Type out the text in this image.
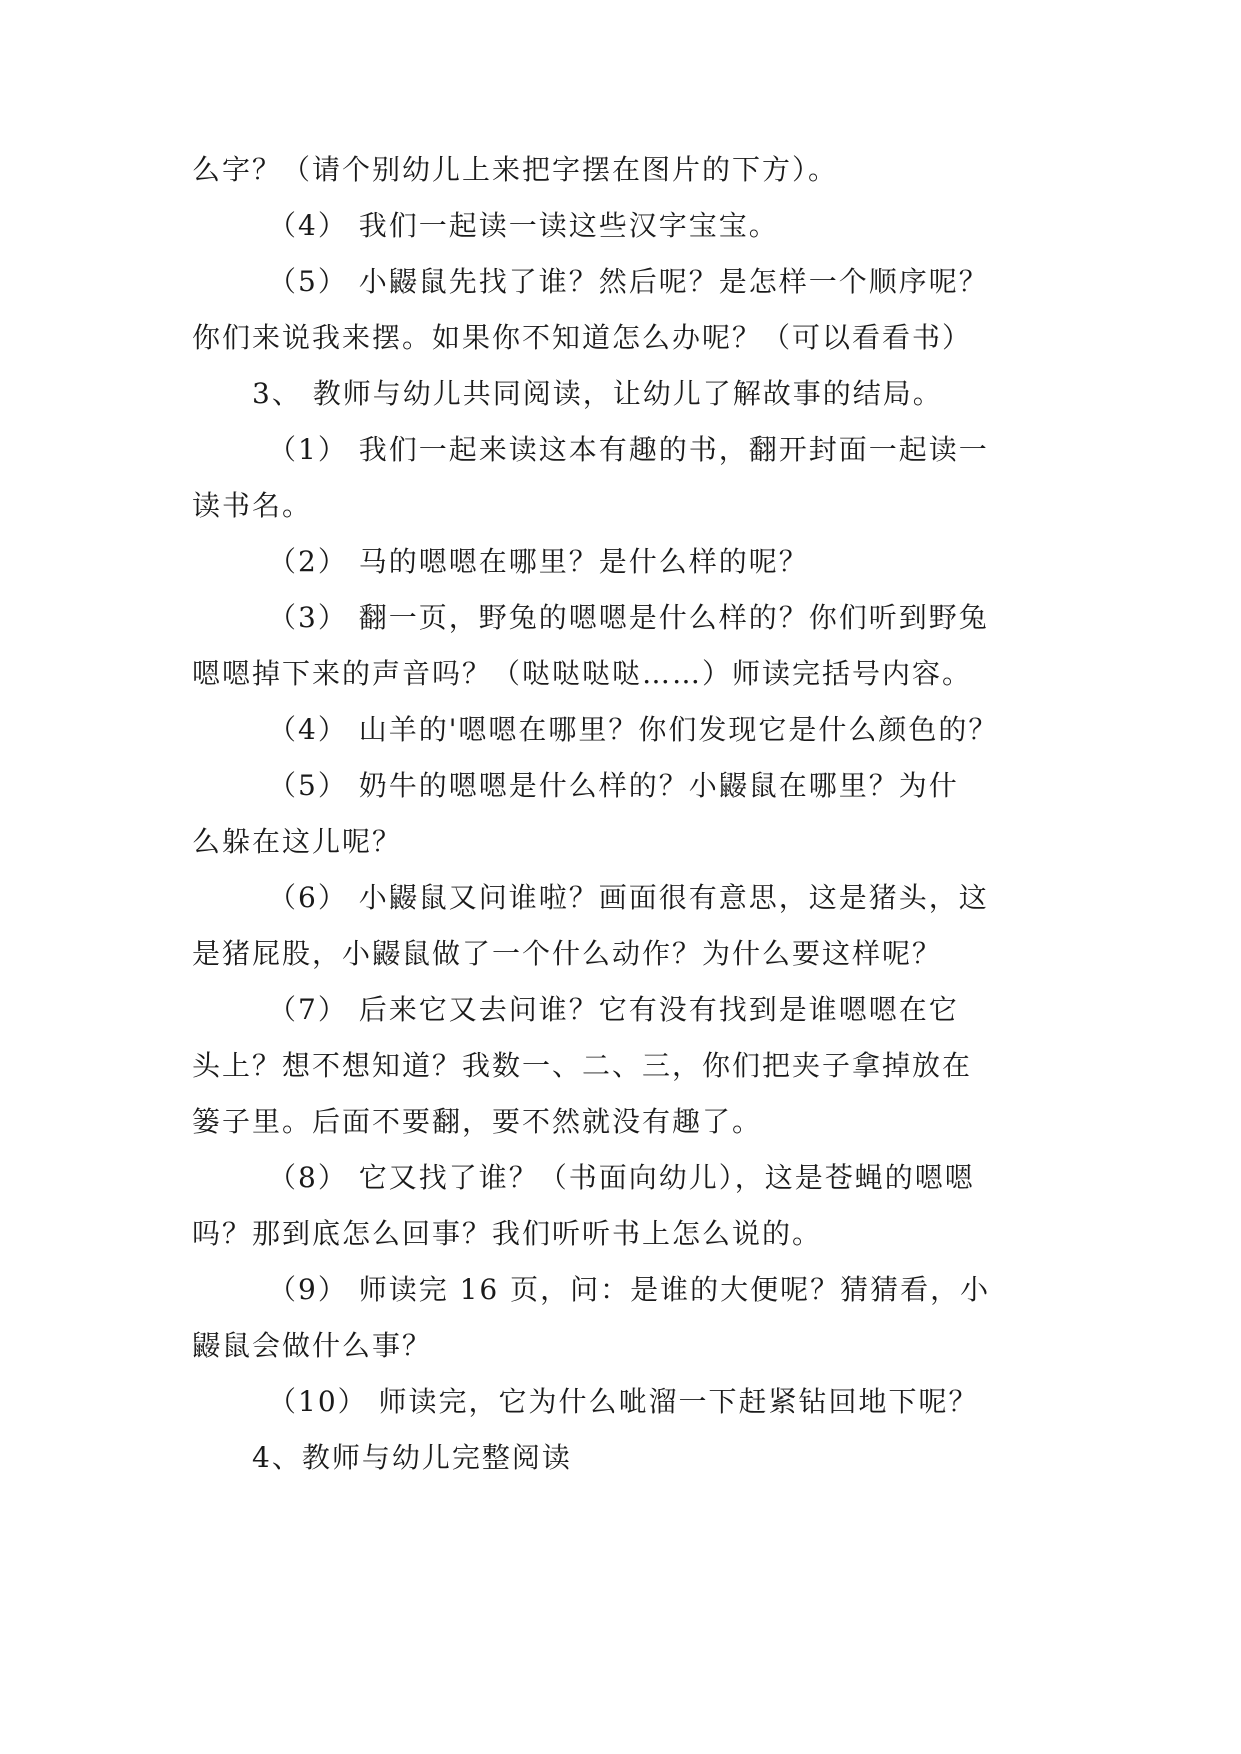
么字？（请个别幼儿上来把字摆在图片的下方）。
（4） 我们一起读一读这些汉字宝宝。
（5） 小鼹鼠先找了谁？然后呢？是怎样一个顺序呢？
你们来说我来摆。如果你不知道怎么办呢？（可以看看书）
3、 教师与幼儿共同阅读，让幼儿了解故事的结局。
（1） 我们一起来读这本有趣的书，翻开封面一起读一
读书名。
（2） 马的嗯嗯在哪里？是什么样的呢？
（3） 翻一页，野兔的嗯嗯是什么样的？你们听到野兔
嗯嗯掉下来的声音吗？（哒哒哒哒……）师读完括号内容。
（4） 山羊的'嗯嗯在哪里？你们发现它是什么颜色的？
（5） 奶牛的嗯嗯是什么样的？小鼹鼠在哪里？为什
么躲在这儿呢？
（6） 小鼹鼠又问谁啦？画面很有意思，这是猪头，这
是猪屁股，小鼹鼠做了一个什么动作？为什么要这样呢？
（7） 后来它又去问谁？它有没有找到是谁嗯嗯在它
头上？想不想知道？我数一、二、三，你们把夹子拿掉放在
篓子里。后面不要翻，要不然就没有趣了。
（8） 它又找了谁？（书面向幼儿），这是苍蝇的嗯嗯
吗？那到底怎么回事？我们听听书上怎么说的。
（9） 师读完 16 页，问：是谁的大便呢？猜猜看，小
鼹鼠会做什么事？
（10） 师读完，它为什么呲溜一下赶紧钻回地下呢？
4、教师与幼儿完整阅读
